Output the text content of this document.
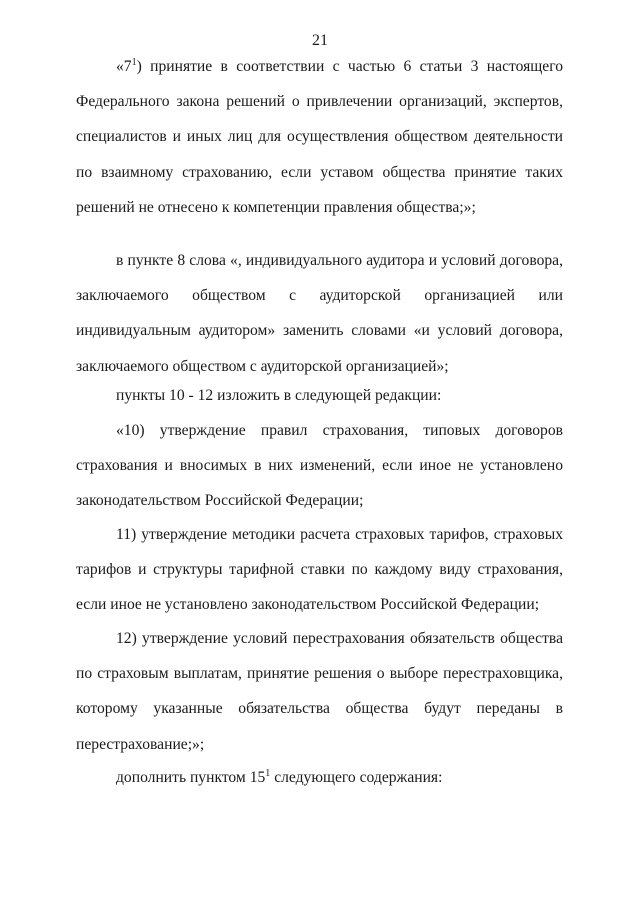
21

«$7^1$) принятие в соответствии с частью 6 статьи 3 настоящего Федерального закона решений о привлечении организаций, экспертов, специалистов и иных лиц для осуществления обществом деятельности по взаимному страхованию, если уставом общества принятие таких решений не отнесено к компетенции правления общества;»;

в пункте 8 слова «, индивидуального аудитора и условий договора, заключаемого обществом с аудиторской организацией или индивидуальным аудитором» заменить словами «и условий договора, заключаемого обществом с аудиторской организацией»;

пункты 10 - 12 изложить в следующей редакции:

«10) утверждение правил страхования, типовых договоров страхования и вносимых в них изменений, если иное не установлено законодательством Российской Федерации;

11) утверждение методики расчета страховых тарифов, страховых тарифов и структуры тарифной ставки по каждому виду страхования, если иное не установлено законодательством Российской Федерации;

12) утверждение условий перестрахования обязательств общества по страховым выплатам, принятие решения о выборе перестраховщика, которому указанные обязательства общества будут переданы в перестрахование;»;

дополнить пунктом $15^1$ следующего содержания:
